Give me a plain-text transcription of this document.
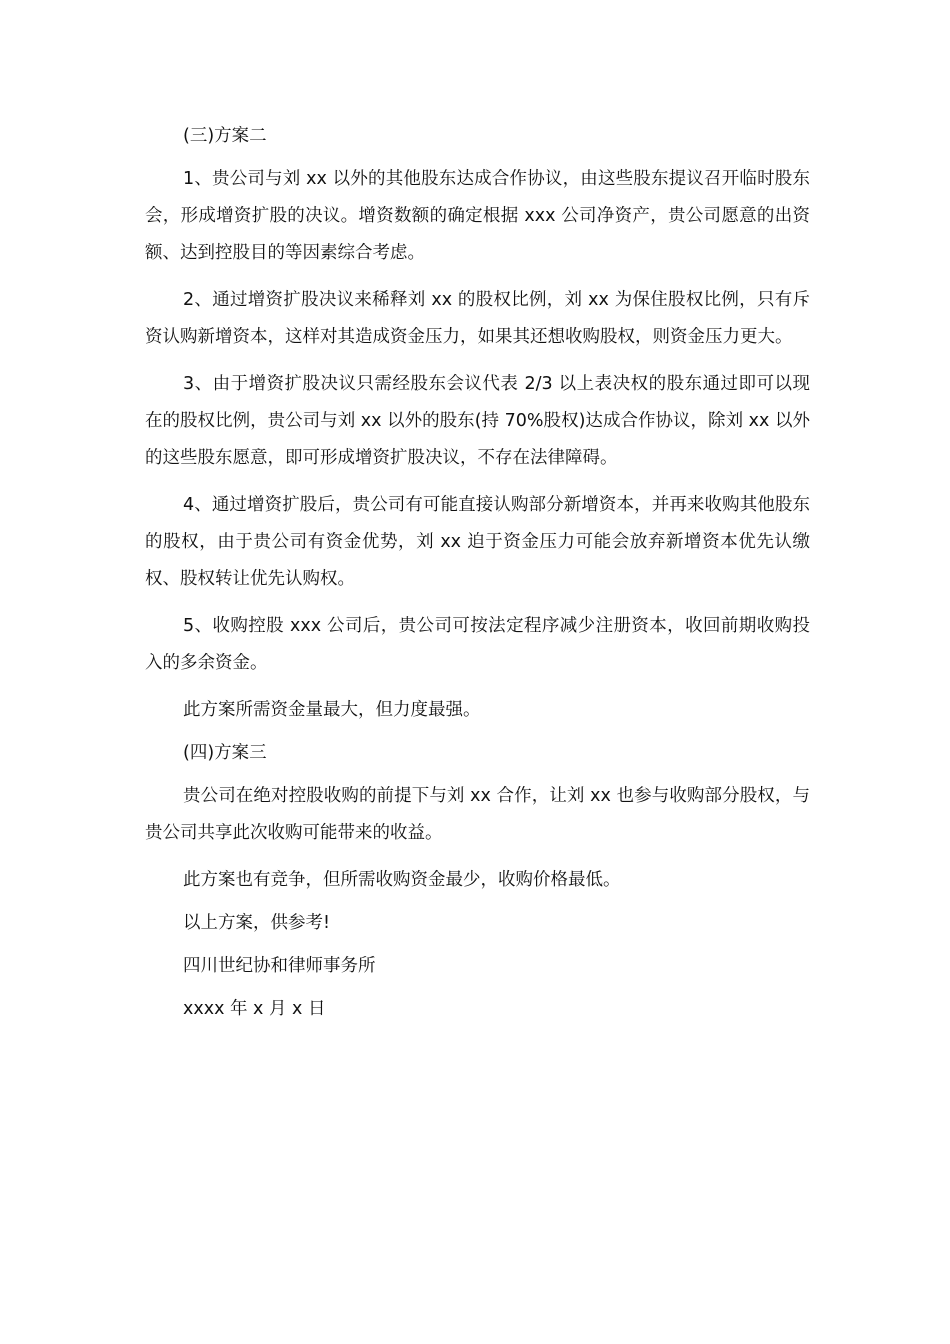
(三)方案二

1、贵公司与刘 xx 以外的其他股东达成合作协议，由这些股东提议召开临时股东会，形成增资扩股的决议。增资数额的确定根据 xxx 公司净资产，贵公司愿意的出资额、达到控股目的等因素综合考虑。

2、通过增资扩股决议来稀释刘 xx 的股权比例，刘 xx 为保住股权比例，只有斥资认购新增资本，这样对其造成资金压力，如果其还想收购股权，则资金压力更大。

3、由于增资扩股决议只需经股东会议代表 2/3 以上表决权的股东通过即可以现在的股权比例，贵公司与刘 xx 以外的股东(持 70%股权)达成合作协议，除刘 xx 以外的这些股东愿意，即可形成增资扩股决议，不存在法律障碍。

4、通过增资扩股后，贵公司有可能直接认购部分新增资本，并再来收购其他股东的股权，由于贵公司有资金优势，刘 xx 迫于资金压力可能会放弃新增资本优先认缴权、股权转让优先认购权。

5、收购控股 xxx 公司后，贵公司可按法定程序减少注册资本，收回前期收购投入的多余资金。

此方案所需资金量最大，但力度最强。

(四)方案三

贵公司在绝对控股收购的前提下与刘 xx 合作，让刘 xx 也参与收购部分股权，与贵公司共享此次收购可能带来的收益。

此方案也有竞争，但所需收购资金最少，收购价格最低。

以上方案，供参考!

四川世纪协和律师事务所

xxxx 年 x 月 x 日
